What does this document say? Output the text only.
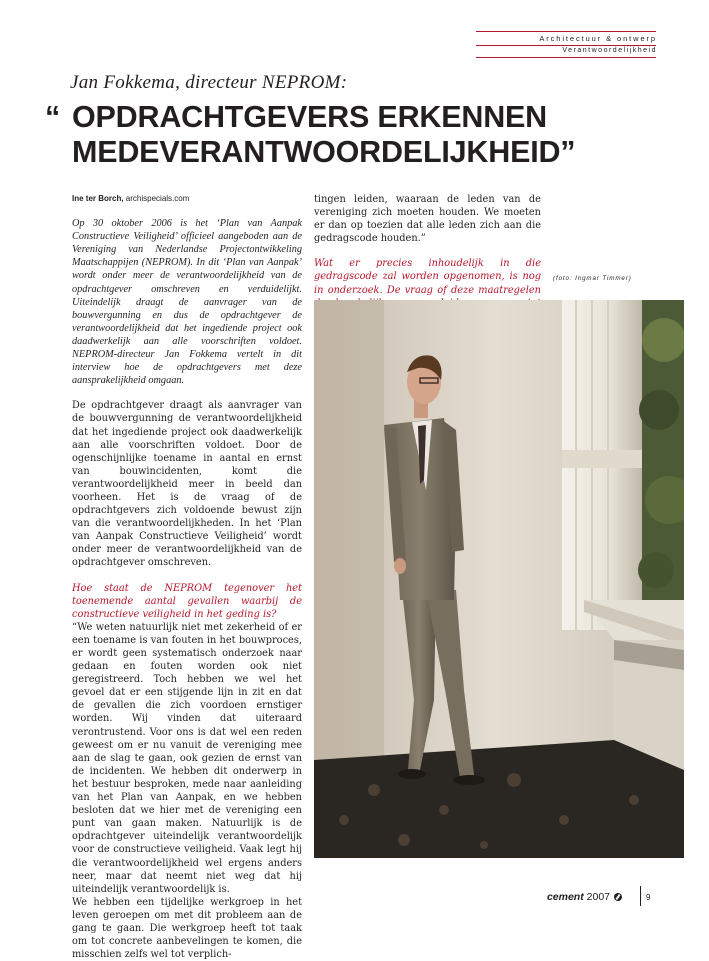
Architectuur & ontwerp
Verantwoordelijkheid
Jan Fokkema, directeur NEPROM:
“ OPDRACHTGEVERS ERKENNEN
MEDEVERANTWOORDELIJKHEID”

Ine ter Borch, archispecials.com

Op 30 oktober 2006 is het ‘Plan van Aanpak Constructieve Veiligheid’ officieel aangeboden aan de Vereniging van Nederlandse Projectontwikkeling Maatschappijen (NEPROM). In dit ‘Plan van Aanpak’ wordt onder meer de verantwoordelijkheid van de opdrachtgever omschreven en verduidelijkt. Uiteindelijk draagt de aanvrager van de bouwvergunning en dus de opdrachtgever de verantwoordelijkheid dat het ingediende project ook daadwerkelijk aan alle voorschriften voldoet. NEPROM-directeur Jan Fokkema vertelt in dit interview hoe de opdrachtgevers met deze aansprakelijkheid omgaan.

De opdrachtgever draagt als aanvrager van de bouwvergunning de verantwoordelijkheid dat het ingediende project ook daadwerkelijk aan alle voorschriften voldoet. Door de ogenschijnlijke toename in aantal en ernst van bouwincidenten, komt die verantwoordelijkheid meer in beeld dan voorheen. Het is de vraag of de opdrachtgevers zich voldoende bewust zijn van die verantwoordelijkheden. In het ‘Plan van Aanpak Constructieve Veiligheid’ wordt onder meer de verantwoordelijkheid van de opdrachtgever omschreven.

Hoe staat de NEPROM tegenover het toenemende aantal gevallen waarbij de constructieve veiligheid in het geding is?

“We weten natuurlijk niet met zekerheid of er een toename is van fouten in het bouwproces, er wordt geen systematisch onderzoek naar gedaan en fouten worden ook niet geregistreerd. Toch hebben we wel het gevoel dat er een stijgende lijn in zit en dat de gevallen die zich voordoen ernstiger worden. Wij vinden dat uiteraard verontrustend. Voor ons is dat wel een reden geweest om er nu vanuit de vereniging mee aan de slag te gaan, ook gezien de ernst van de incidenten. We hebben dit onderwerp in het bestuur besproken, mede naar aanleiding van het Plan van Aanpak, en we hebben besloten dat we hier met de vereniging een punt van gaan maken. Natuurlijk is de opdrachtgever uiteindelijk verantwoordelijk voor de constructieve veiligheid. Vaak legt hij die verantwoordelijkheid wel ergens anders neer, maar dat neemt niet weg dat hij uiteindelijk verantwoordelijk is.

We hebben een tijdelijke werkgroep in het leven geroepen om met dit probleem aan de gang te gaan. Die werkgroep heeft tot taak om tot concrete aanbevelingen te komen, die misschien zelfs wel tot verplich-

tingen leiden, waaraan de leden van de vereniging zich moeten houden. We moeten er dan op toezien dat alle leden zich aan die gedragscode houden.”

Wat er precies inhoudelijk in die gedragscode zal worden opgenomen, is nog in onderzoek. De vraag of deze maatregelen

(foto: Ingmar Timmer)
cement 2007	9
